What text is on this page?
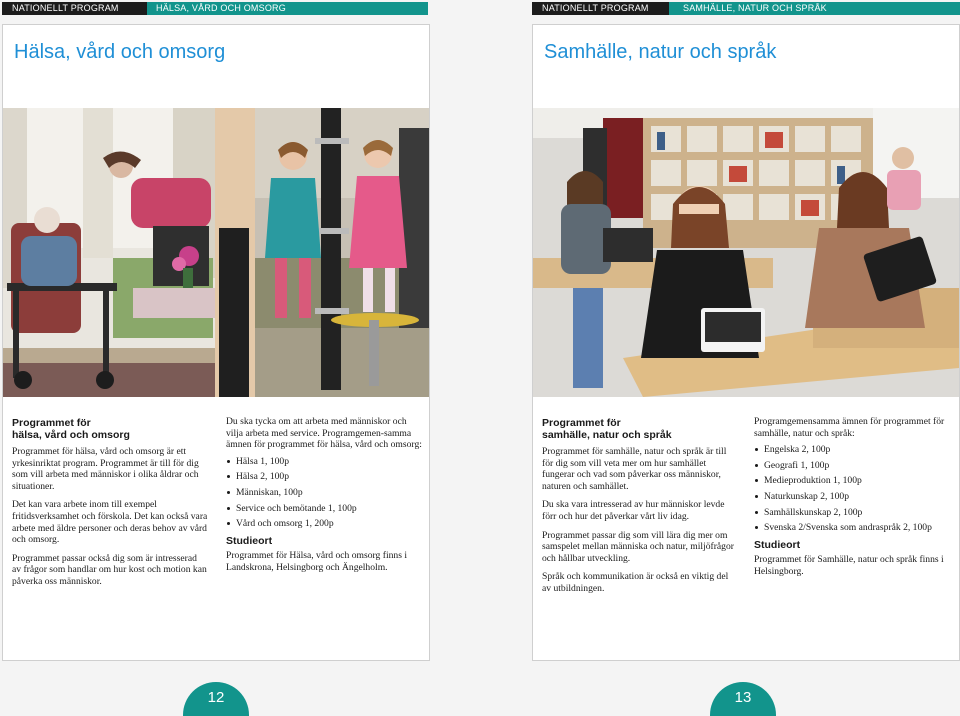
NATIONELLT PROGRAM	HÄLSA, VÅRD OCH OMSORG
Hälsa, vård och omsorg
Programmet för
hälsa, vård och omsorg

Programmet för hälsa, vård och omsorg är ett yrkesinriktat program. Programmet är till för dig som vill arbeta med människor i olika åldrar och situationer.

Det kan vara arbete inom till exempel fritidsverksamhet och förskola. Det kan också vara arbete med äldre personer och deras behov av vård och omsorg.

Programmet passar också dig som är intresserad av frågor som handlar om hur kost och motion kan påverka oss människor.

Du ska tycka om att arbeta med människor och vilja arbeta med service. Programgemen-samma ämnen för programmet för hälsa, vård och omsorg:

Hälsa 1, 100p
Hälsa 2, 100p
Människan, 100p
Service och bemötande 1, 100p
Vård och omsorg 1, 200p
Studieort

Programmet för Hälsa, vård och omsorg finns i Landskrona, Helsingborg och Ängelholm.

12
NATIONELLT PROGRAM	SAMHÄLLE, NATUR OCH SPRÅK
Samhälle, natur och språk
Programmet för
samhälle, natur och språk

Programmet för samhälle, natur och språk är till för dig som vill veta mer om hur samhället fungerar och vad som påverkar oss människor, naturen och samhället.

Du ska vara intresserad av hur människor levde förr och hur det påverkar vårt liv idag.

Programmet passar dig som vill lära dig mer om samspelet mellan människa och natur, miljöfrågor och hållbar utveckling.

Språk och kommunikation är också en viktig del av utbildningen.

Programgemensamma ämnen för programmet för samhälle, natur och språk:

Engelska 2, 100p
Geografi 1, 100p
Medieproduktion 1, 100p
Naturkunskap 2, 100p
Samhällskunskap 2, 100p
Svenska 2/Svenska som andraspråk 2, 100p
Studieort

Programmet för Samhälle, natur och språk finns i Helsingborg.

13
